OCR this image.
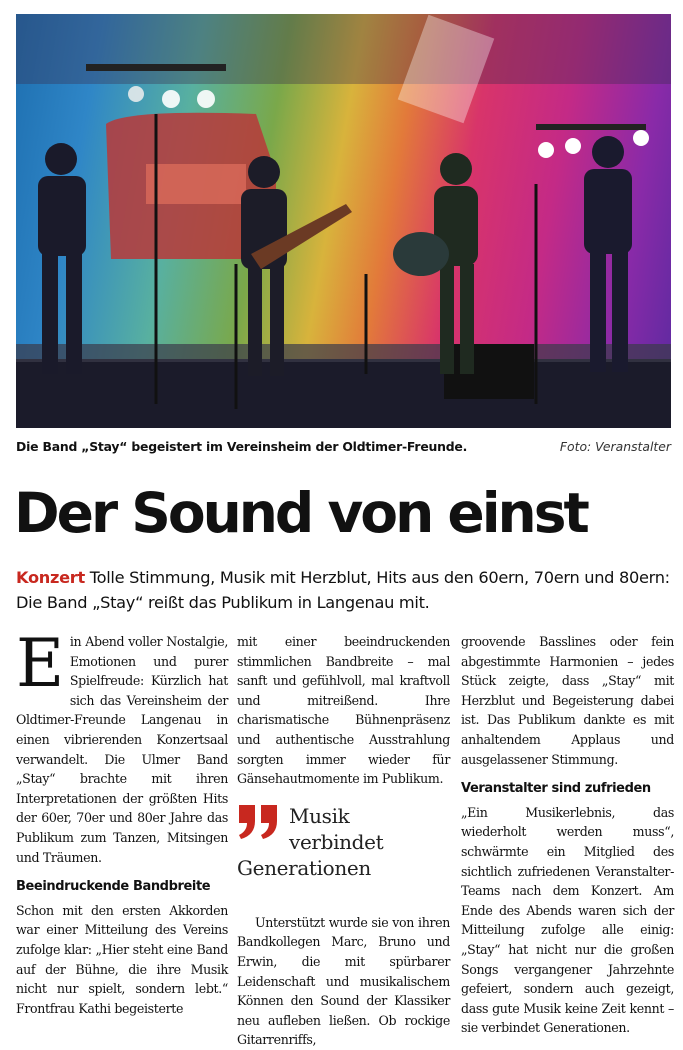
Die Band „Stay“ begeistert im Vereinsheim der Oldtimer-Freunde.	Foto: Veranstalter
Der Sound von einst
Konzert Tolle Stimmung, Musik mit Herzblut, Hits aus den 60ern, 70ern und 80ern: Die Band „Stay“ reißt das Publikum in Langenau mit.

Ein Abend voller Nostalgie, Emotionen und purer Spielfreude: Kürzlich hat sich das Vereinsheim der Oldtimer-Freunde Langenau in einen vibrierenden Konzertsaal verwandelt. Die Ulmer Band „Stay“ brachte mit ihren Interpretationen der größten Hits der 60er, 70er und 80er Jahre das Publikum zum Tanzen, Mitsingen und Träumen.

Beeindruckende Bandbreite

Schon mit den ersten Akkorden war einer Mitteilung des Vereins zufolge klar: „Hier steht eine Band auf der Bühne, die ihre Musik nicht nur spielt, sondern lebt.“ Frontfrau Kathi begeisterte

mit einer beeindruckenden stimmlichen Bandbreite – mal sanft und gefühlvoll, mal kraftvoll und mitreißend. Ihre charismatische Bühnenpräsenz und authentische Ausstrahlung sorgten immer wieder für Gänsehautmomente im Publikum.

Musik
verbindet
Generationen

Unterstützt wurde sie von ihren Bandkollegen Marc, Bruno und Erwin, die mit spürbarer Leidenschaft und musikalischem Können den Sound der Klassiker neu aufleben ließen. Ob rockige Gitarrenriffs,

groovende Basslines oder fein abgestimmte Harmonien – jedes Stück zeigte, dass „Stay“ mit Herzblut und Begeisterung dabei ist. Das Publikum dankte es mit anhaltendem Applaus und ausgelassener Stimmung.

Veranstalter sind zufrieden

„Ein Musikerlebnis, das wiederholt werden muss“, schwärmte ein Mitglied des sichtlich zufriedenen Veranstalter-Teams nach dem Konzert. Am Ende des Abends waren sich der Mitteilung zufolge alle einig: „Stay“ hat nicht nur die großen Songs vergangener Jahrzehnte gefeiert, sondern auch gezeigt, dass gute Musik keine Zeit kennt – sie verbindet Generationen.
